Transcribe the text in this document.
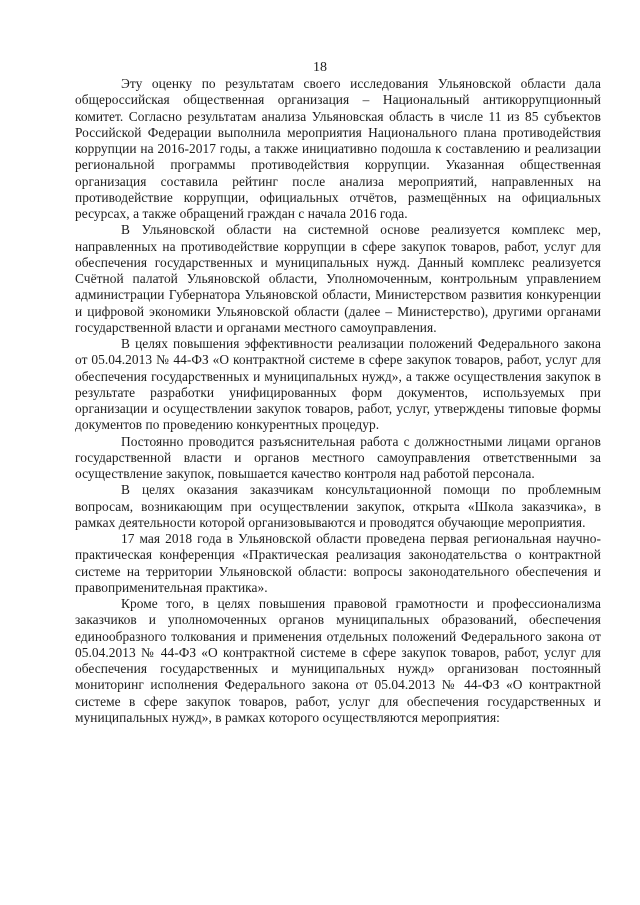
18

Эту оценку по результатам своего исследования Ульяновской области дала общероссийская общественная организация – Национальный антикоррупционный комитет. Согласно результатам анализа Ульяновская область в числе 11 из 85 субъектов Российской Федерации выполнила мероприятия Национального плана противодействия коррупции на 2016-2017 годы, а также инициативно подошла к составлению и реализации региональной программы противодействия коррупции. Указанная общественная организация составила рейтинг после анализа мероприятий, направленных на противодействие коррупции, официальных отчётов, размещённых на официальных ресурсах, а также обращений граждан с начала 2016 года.

В Ульяновской области на системной основе реализуется комплекс мер, направленных на противодействие коррупции в сфере закупок товаров, работ, услуг для обеспечения государственных и муниципальных нужд. Данный комплекс реализуется Счётной палатой Ульяновской области, Уполномоченным, контрольным управлением администрации Губернатора Ульяновской области, Министерством развития конкуренции и цифровой экономики Ульяновской области (далее – Министерство), другими органами государственной власти и органами местного самоуправления.

В целях повышения эффективности реализации положений Федерального закона от 05.04.2013 № 44-ФЗ «О контрактной системе в сфере закупок товаров, работ, услуг для обеспечения государственных и муниципальных нужд», а также осуществления закупок в результате разработки унифицированных форм документов, используемых при организации и осуществлении закупок товаров, работ, услуг, утверждены типовые формы документов по проведению конкурентных процедур.

Постоянно проводится разъяснительная работа с должностными лицами органов государственной власти и органов местного самоуправления ответственными за осуществление закупок, повышается качество контроля над работой персонала.

В целях оказания заказчикам консультационной помощи по проблемным вопросам, возникающим при осуществлении закупок, открыта «Школа заказчика», в рамках деятельности которой организовываются и проводятся обучающие мероприятия.

17 мая 2018 года в Ульяновской области проведена первая региональная научно-практическая конференция «Практическая реализация законодательства о контрактной системе на территории Ульяновской области: вопросы законодательного обеспечения и правоприменительная практика».

Кроме того, в целях повышения правовой грамотности и профессионализма заказчиков и уполномоченных органов муниципальных образований, обеспечения единообразного толкования и применения отдельных положений Федерального закона от 05.04.2013 № 44-ФЗ «О контрактной системе в сфере закупок товаров, работ, услуг для обеспечения государственных и муниципальных нужд» организован постоянный мониторинг исполнения Федерального закона от 05.04.2013 № 44-ФЗ «О контрактной системе в сфере закупок товаров, работ, услуг для обеспечения государственных и муниципальных нужд», в рамках которого осуществляются мероприятия:
